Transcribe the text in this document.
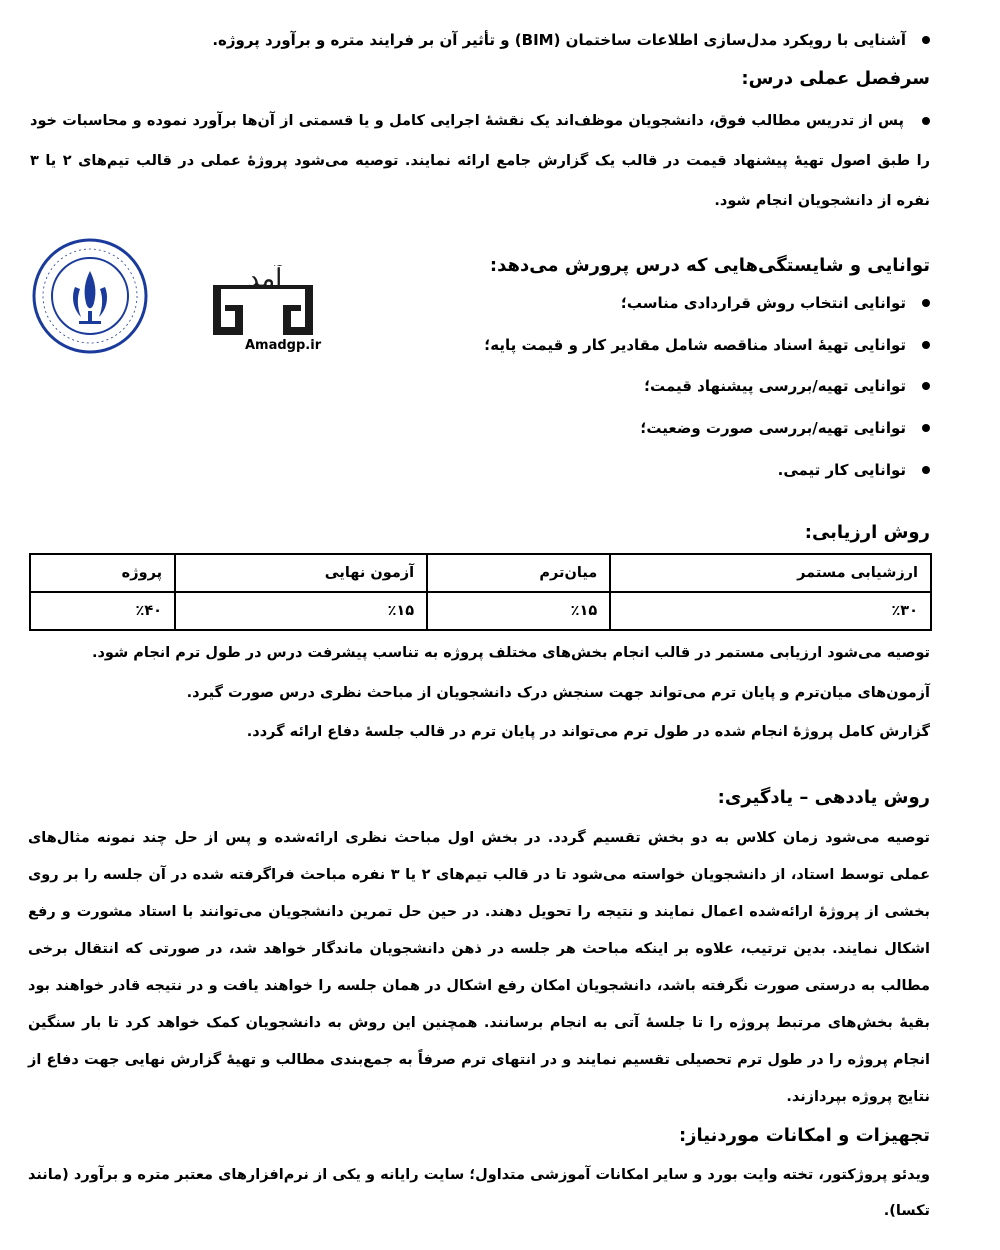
آشنایی با رویکرد مدل‌سازی اطلاعات ساختمان (BIM) و تأثیر آن بر فرایند متره و برآورد پروژه.
سرفصل عملی درس:
پس از تدریس مطالب فوق، دانشجویان موظف‌اند یک نقشهٔ اجرایی کامل و یا قسمتی از آن‌ها برآورد نموده و محاسبات خود را طبق اصول تهیهٔ پیشنهاد قیمت در قالب یک گزارش جامع ارائه نمایند. توصیه می‌شود پروژهٔ عملی در قالب تیم‌های ۲ یا ۳ نفره از دانشجویان انجام شود.
توانایی و شایستگی‌هایی که درس پرورش می‌دهد:
توانایی انتخاب روش قراردادی مناسب؛
توانایی تهیهٔ اسناد مناقصه شامل مقادیر کار و قیمت پایه؛
توانایی تهیه/بررسی پیشنهاد قیمت؛
توانایی تهیه/بررسی صورت وضعیت؛
توانایی کار تیمی.
آمد
Amadgp.ir
روش ارزیابی:
ارزشیابی مستمر	میان‌ترم	آزمون نهایی	پروژه
٪۳۰	٪۱۵	٪۱۵	٪۴۰
توصیه می‌شود ارزیابی مستمر در قالب انجام بخش‌های مختلف پروژه به تناسب پیشرفت درس در طول ترم انجام شود.
آزمون‌های میان‌ترم و پایان ترم می‌تواند جهت سنجش درک دانشجویان از مباحث نظری درس صورت گیرد.
گزارش کامل پروژهٔ انجام شده در طول ترم می‌تواند در پایان ترم در قالب جلسهٔ دفاع ارائه گردد.
روش یاددهی – یادگیری:
توصیه می‌شود زمان کلاس به دو بخش تقسیم گردد. در بخش اول مباحث نظری ارائه‌شده و پس از حل چند نمونه مثال‌های عملی توسط استاد، از دانشجویان خواسته می‌شود تا در قالب تیم‌های ۲ یا ۳ نفره مباحث فراگرفته شده در آن جلسه را بر روی بخشی از پروژهٔ ارائه‌شده اعمال نمایند و نتیجه را تحویل دهند. در حین حل تمرین دانشجویان می‌توانند با استاد مشورت و رفع اشکال نمایند. بدین ترتیب، علاوه بر اینکه مباحث هر جلسه در ذهن دانشجویان ماندگار خواهد شد، در صورتی که انتقال برخی مطالب به درستی صورت نگرفته باشد، دانشجویان امکان رفع اشکال در همان جلسه را خواهند یافت و در نتیجه قادر خواهند بود بقیهٔ بخش‌های مرتبط پروژه را تا جلسهٔ آتی به انجام برسانند. همچنین این روش به دانشجویان کمک خواهد کرد تا بار سنگین انجام پروژه را در طول ترم تحصیلی تقسیم نمایند و در انتهای ترم صرفاً به جمع‌بندی مطالب و تهیهٔ گزارش نهایی جهت دفاع از نتایج پروژه بپردازند.
تجهیزات و امکانات موردنیاز:
ویدئو پروژکتور، تخته وایت بورد و سایر امکانات آموزشی متداول؛ سایت رایانه و یکی از نرم‌افزارهای معتبر متره و برآورد (مانند تکسا).
